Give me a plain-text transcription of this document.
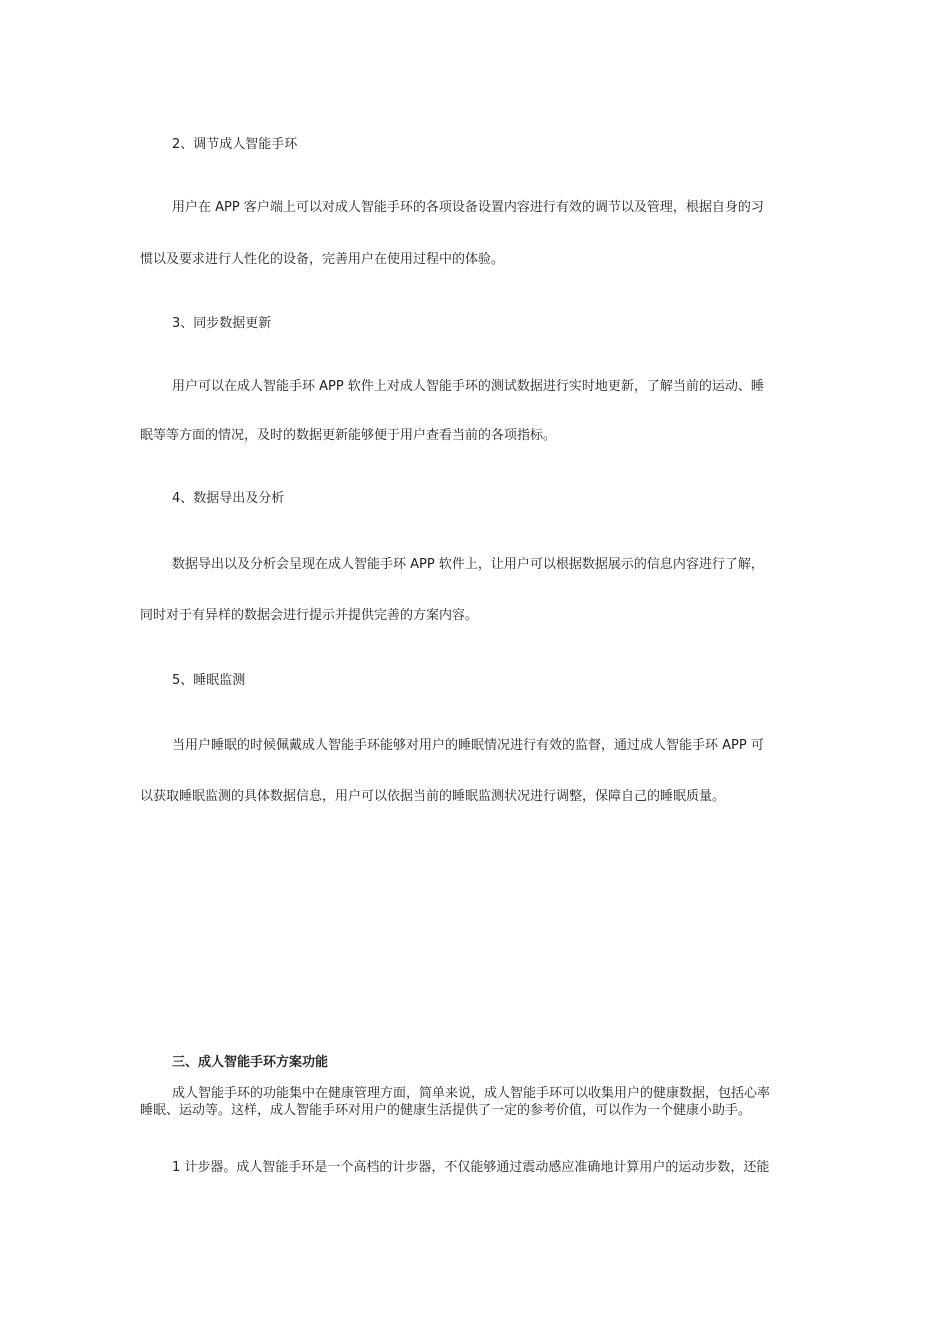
2、调节成人智能手环
用户在 APP 客户端上可以对成人智能手环的各项设备设置内容进行有效的调节以及管理，根据自身的习
惯以及要求进行人性化的设备，完善用户在使用过程中的体验。
3、同步数据更新
用户可以在成人智能手环 APP 软件上对成人智能手环的测试数据进行实时地更新，了解当前的运动、睡
眠等等方面的情况，及时的数据更新能够便于用户查看当前的各项指标。
4、数据导出及分析
数据导出以及分析会呈现在成人智能手环 APP 软件上，让用户可以根据数据展示的信息内容进行了解，
同时对于有异样的数据会进行提示并提供完善的方案内容。
5、睡眠监测
当用户睡眠的时候佩戴成人智能手环能够对用户的睡眠情况进行有效的监督，通过成人智能手环 APP 可
以获取睡眠监测的具体数据信息，用户可以依据当前的睡眠监测状况进行调整，保障自己的睡眠质量。
三、成人智能手环方案功能
成人智能手环的功能集中在健康管理方面，简单来说，成人智能手环可以收集用户的健康数据，包括心率
睡眠、运动等。这样，成人智能手环对用户的健康生活提供了一定的参考价值，可以作为一个健康小助手。
1 计步器。成人智能手环是一个高档的计步器，不仅能够通过震动感应准确地计算用户的运动步数，还能
